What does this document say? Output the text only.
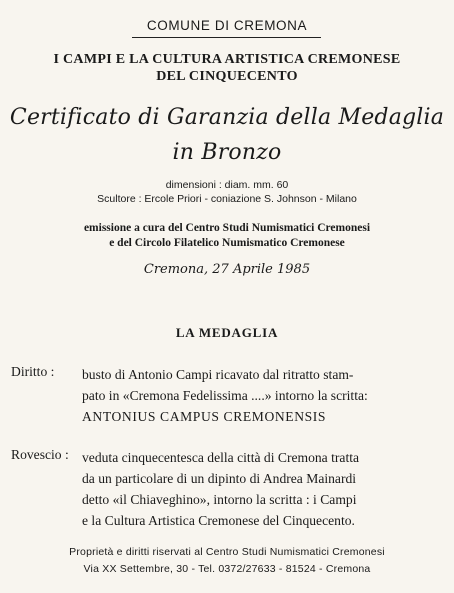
COMUNE DI CREMONA
I CAMPI E LA CULTURA ARTISTICA CREMONESE
DEL CINQUECENTO
Certificato di Garanzia della Medaglia
in Bronzo
dimensioni : diam. mm. 60
Scultore : Ercole Priori - coniazione S. Johnson - Milano
emissione a cura del Centro Studi Numismatici Cremonesi
e del Circolo Filatelico Numismatico Cremonese
Cremona, 27 Aprile 1985
LA MEDAGLIA
Diritto : busto di Antonio Campi ricavato dal ritratto stam-
pato in «Cremona Fedelissima ....» intorno la scritta:
ANTONIUS CAMPUS CREMONENSIS
Rovescio : veduta cinquecentesca della città di Cremona tratta
da un particolare di un dipinto di Andrea Mainardi
detto «il Chiaveghino», intorno la scritta : i Campi
e la Cultura Artistica Cremonese del Cinquecento.
Proprietà e diritti riservati al Centro Studi Numismatici Cremonesi
Via XX Settembre, 30 - Tel. 0372/27633 - 81524 - Cremona
